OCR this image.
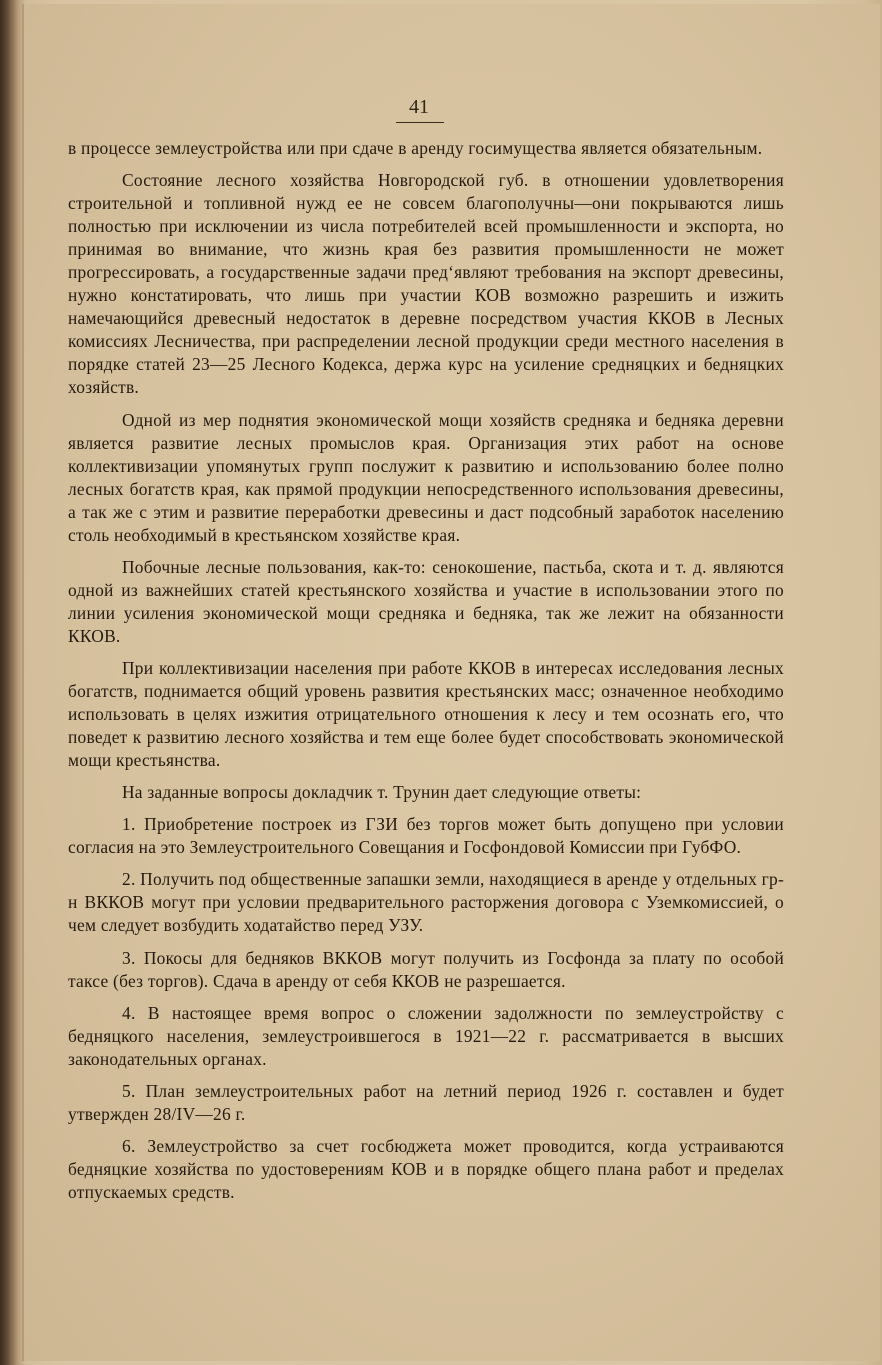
41

в процессе землеустройства или при сдаче в аренду госимущества является обязательным.

Состояние лесного хозяйства Новгородской губ. в отношении удовлетворения строительной и топливной нужд ее не совсем благополучны—они покрываются лишь полностью при исключении из числа потребителей всей промышленности и экспорта, но принимая во внимание, что жизнь края без развития промышленности не может прогрессировать, а государственные задачи пред‘являют требования на экспорт древесины, нужно констатировать, что лишь при участии КОВ возможно разрешить и изжить намечающийся древесный недостаток в деревне посредством участия ККОВ в Лесных комиссиях Лесничества, при распределении лесной продукции среди местного населения в порядке статей 23—25 Лесного Кодекса, держа курс на усиление средняцких и бедняцких хозяйств.

Одной из мер поднятия экономической мощи хозяйств средняка и бедняка деревни является развитие лесных промыслов края. Организация этих работ на основе коллективизации упомянутых групп послужит к развитию и использованию более полно лесных богатств края, как прямой продукции непосредственного использования древесины, а так же с этим и развитие переработки древесины и даст подсобный заработок населению столь необходимый в крестьянском хозяйстве края.

Побочные лесные пользования, как-то: сенокошение, пастьба, скота и т. д. являются одной из важнейших статей крестьянского хозяйства и участие в использовании этого по линии усиления экономической мощи средняка и бедняка, так же лежит на обязанности ККОВ.

При коллективизации населения при работе ККОВ в интересах исследования лесных богатств, поднимается общий уровень развития крестьянских масс; означенное необходимо использовать в целях изжития отрицательного отношения к лесу и тем осознать его, что поведет к развитию лесного хозяйства и тем еще более будет способствовать экономической мощи крестьянства.

На заданные вопросы докладчик т. Трунин дает следующие ответы:

1. Приобретение построек из ГЗИ без торгов может быть допущено при условии согласия на это Землеустроительного Совещания и Госфондовой Комиссии при ГубФО.

2. Получить под общественные запашки земли, находящиеся в аренде у отдельных гр-н ВККОВ могут при условии предварительного расторжения договора с Уземкомиссией, о чем следует возбудить ходатайство перед УЗУ.

3. Покосы для бедняков ВККОВ могут получить из Госфонда за плату по особой таксе (без торгов). Сдача в аренду от себя ККОВ не разрешается.

4. В настоящее время вопрос о сложении задолжности по землеустройству с бедняцкого населения, землеустроившегося в 1921—22 г. рассматривается в высших законодательных органах.

5. План землеустроительных работ на летний период 1926 г. составлен и будет утвержден 28/IV—26 г.

6. Землеустройство за счет госбюджета может проводится, когда устраиваются бедняцкие хозяйства по удостоверениям КОВ и в порядке общего плана работ и пределах отпускаемых средств.
